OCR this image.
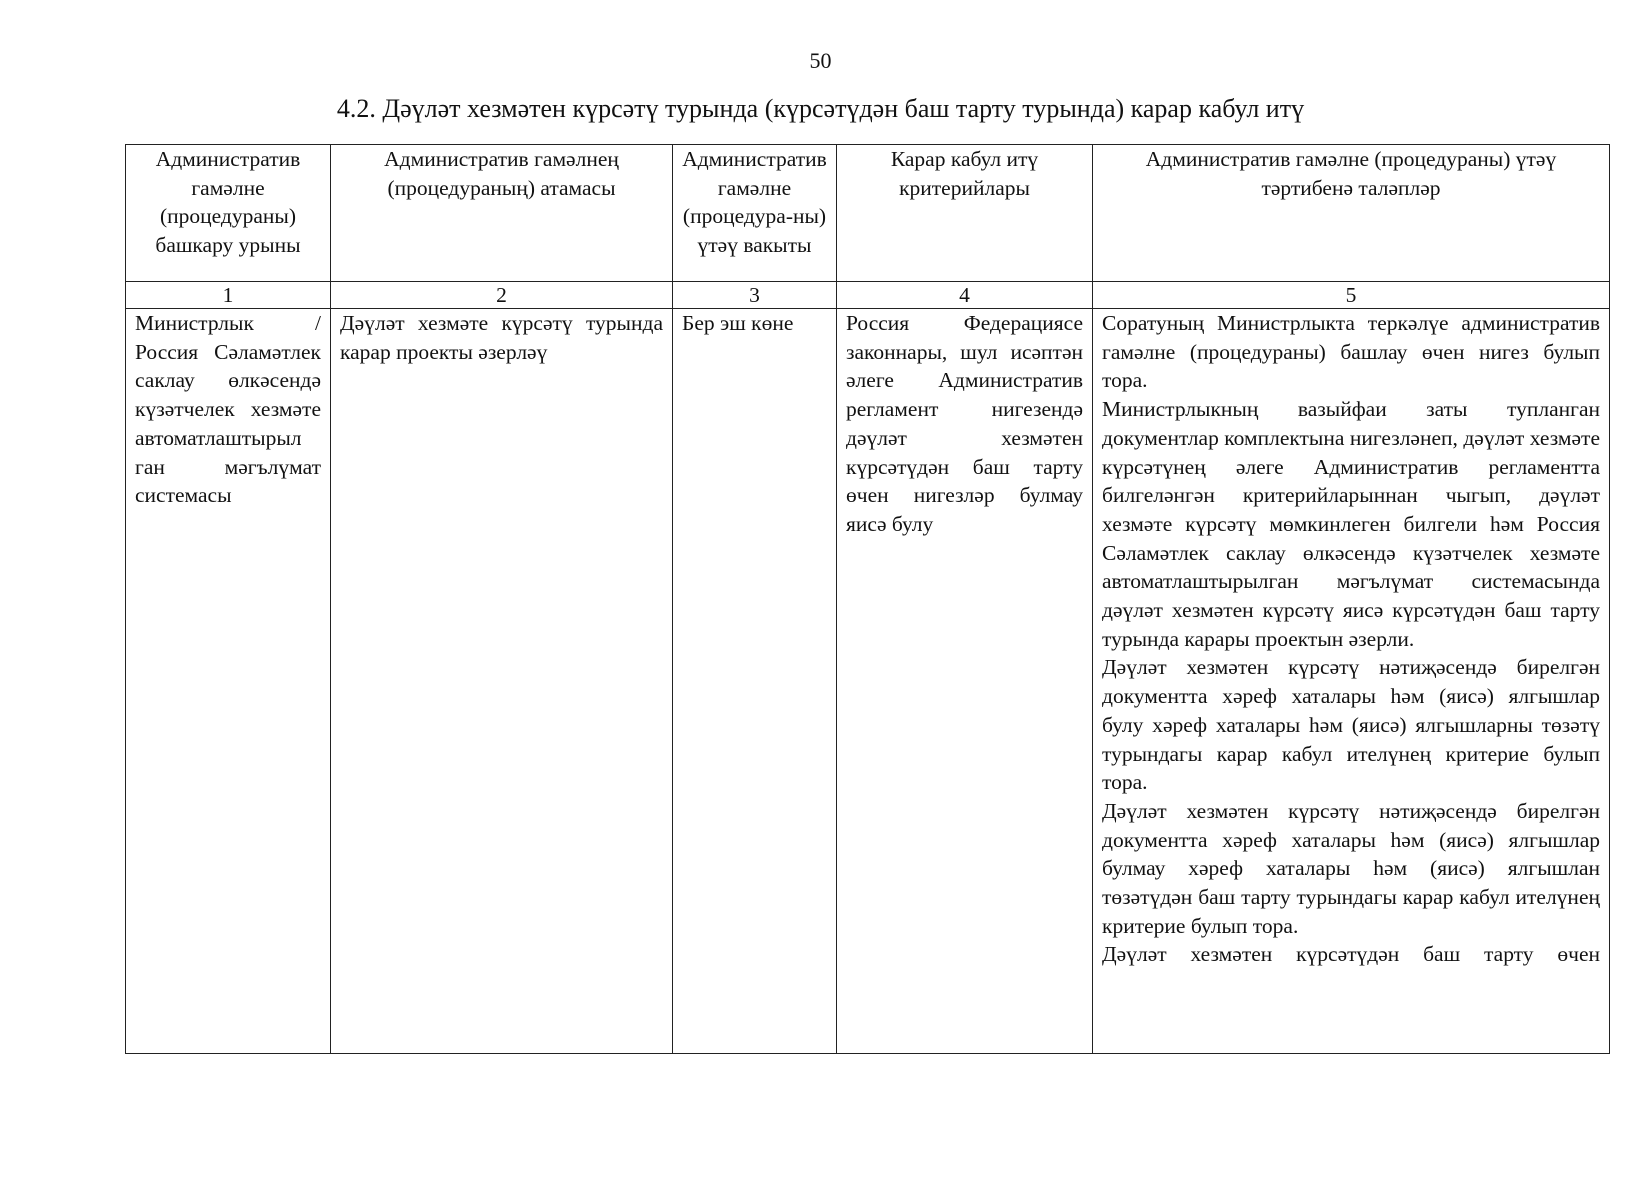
50
4.2. Дәүләт хезмәтен күрсәтү турында (күрсәтүдән баш тарту турында) карар кабул итү
Административ гамәлне (процедураны) башкару урыны	Административ гамәлнең (процедураның) атамасы	Административ гамәлне (процедура-ны) үтәү вакыты	Карар кабул итү критерийлары	Административ гамәлне (процедураны) үтәү тәртибенә таләпләр
1	2	3	4	5
Министрлык / Россия Сәламәтлек саклау өлкәсендә күзәтчелек хезмәте автоматлаштырыл ган мәгълүмат системасы	Дәүләт хезмәте күрсәтү турында карар проекты әзерләү	Бер эш көне	Россия Федерациясе законнары, шул исәптән әлеге Административ регламент нигезендә дәүләт хезмәтен күрсәтүдән баш тарту өчен нигезләр булмау яисә булу	Соратуның Министрлыкта теркәлүе административ гамәлне (процедураны) башлау өчен нигез булып тора.
Министрлыкның вазыйфаи заты тупланган документлар комплектына нигезләнеп, дәүләт хезмәте күрсәтүнең әлеге Административ регламентта билгеләнгән критерийларыннан чыгып, дәүләт хезмәте күрсәтү мөмкинлеген билгели һәм Россия Сәламәтлек саклау өлкәсендә күзәтчелек хезмәте автоматлаштырылган мәгълүмат системасында дәүләт хезмәтен күрсәтү яисә күрсәтүдән баш тарту турында карары проектын әзерли.
Дәүләт хезмәтен күрсәтү нәтиҗәсендә бирелгән документта хәреф хаталары һәм (яисә) ялгышлар булу хәреф хаталары һәм (яисә) ялгышларны төзәтү турындагы карар кабул ителүнең критерие булып тора.
Дәүләт хезмәтен күрсәтү нәтиҗәсендә бирелгән документта хәреф хаталары һәм (яисә) ялгышлар булмау хәреф хаталары һәм (яисә) ялгышлан төзәтүдән баш тарту турындагы карар кабул ителүнең критерие булып тора.
Дәүләт хезмәтен күрсәтүдән баш тарту өчен
